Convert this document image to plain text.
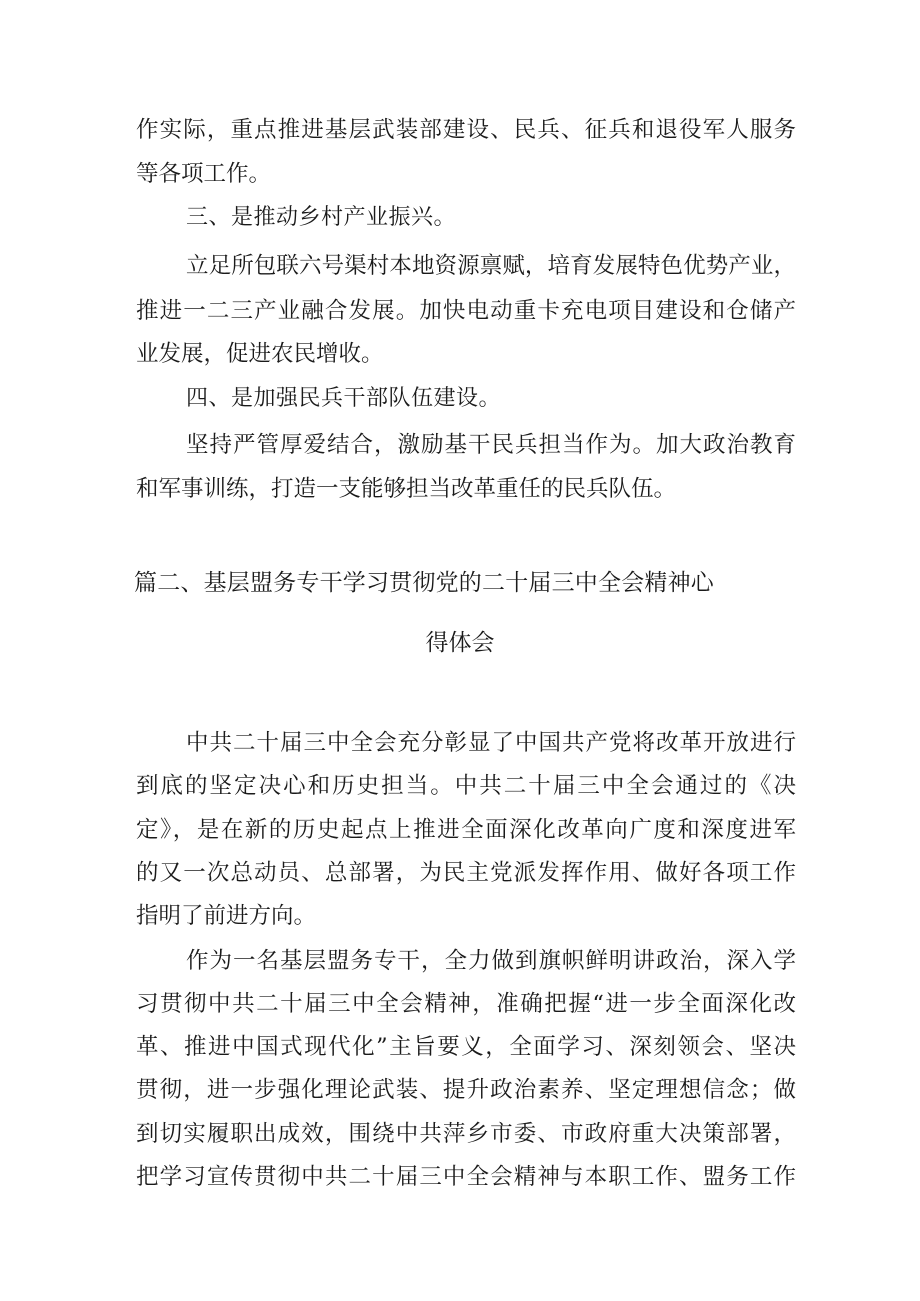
作实际，重点推进基层武装部建设、民兵、征兵和退役军人服务
等各项工作。
三、是推动乡村产业振兴。
立足所包联六号渠村本地资源禀赋，培育发展特色优势产业，
推进一二三产业融合发展。加快电动重卡充电项目建设和仓储产
业发展，促进农民增收。
四、是加强民兵干部队伍建设。
坚持严管厚爱结合，激励基干民兵担当作为。加大政治教育
和军事训练，打造一支能够担当改革重任的民兵队伍。
篇二、基层盟务专干学习贯彻党的二十届三中全会精神心
得体会
中共二十届三中全会充分彰显了中国共产党将改革开放进行
到底的坚定决心和历史担当。中共二十届三中全会通过的《决
定》，是在新的历史起点上推进全面深化改革向广度和深度进军
的又一次总动员、总部署，为民主党派发挥作用、做好各项工作
指明了前进方向。
作为一名基层盟务专干，全力做到旗帜鲜明讲政治，深入学
习贯彻中共二十届三中全会精神，准确把握“进一步全面深化改
革、推进中国式现代化”主旨要义，全面学习、深刻领会、坚决
贯彻，进一步强化理论武装、提升政治素养、坚定理想信念；做
到切实履职出成效，围绕中共萍乡市委、市政府重大决策部署，
把学习宣传贯彻中共二十届三中全会精神与本职工作、盟务工作
